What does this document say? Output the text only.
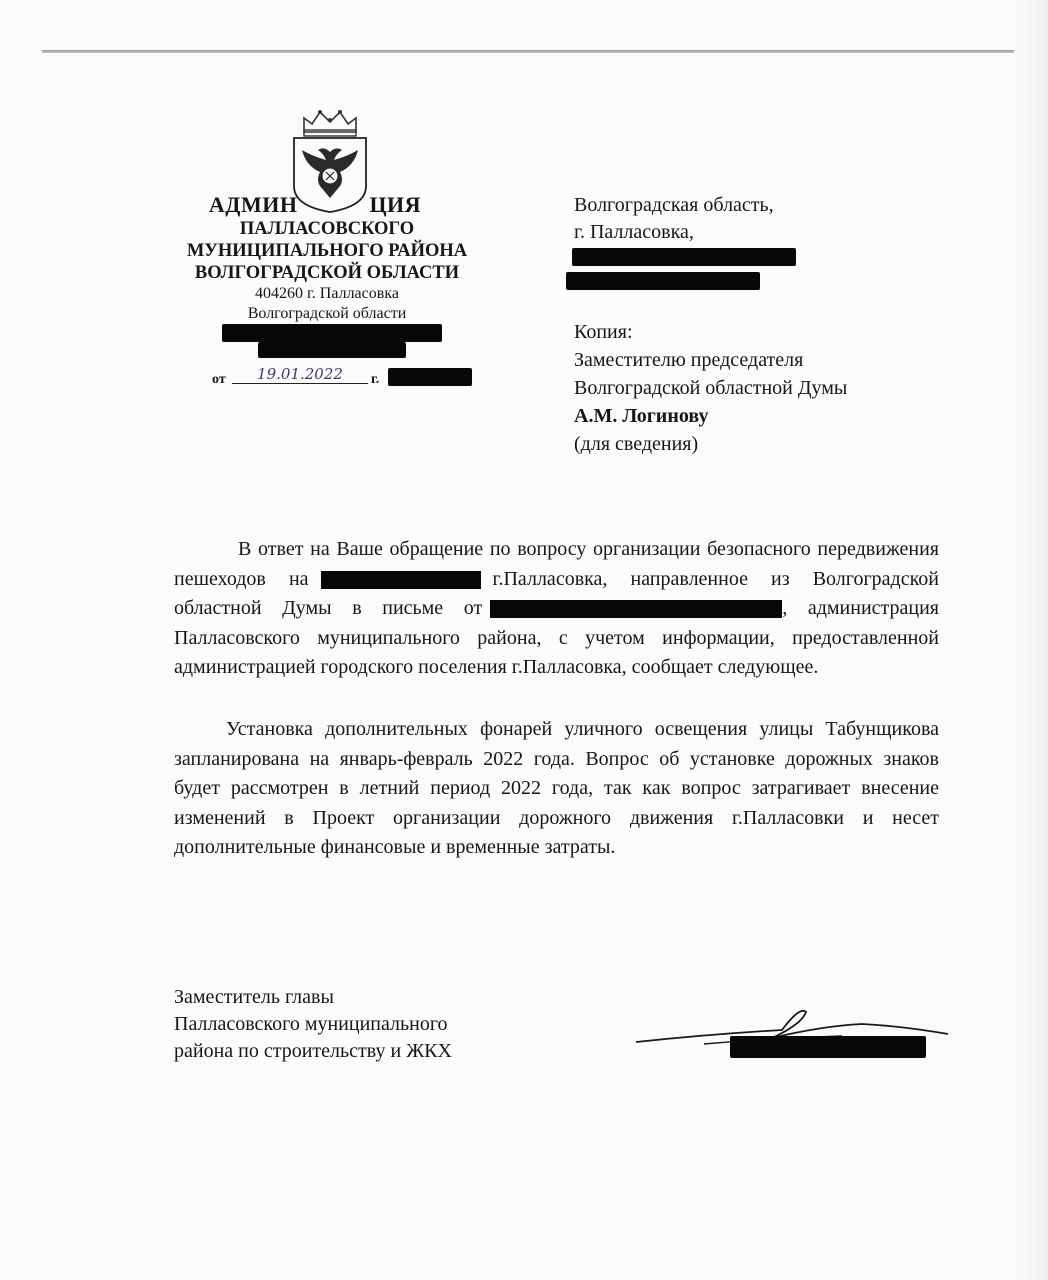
АДМИН	ЦИЯ
ПАЛЛАСОВСКОГО
МУНИЦИПАЛЬНОГО РАЙОНА
ВОЛГОГРАДСКОЙ ОБЛАСТИ
404260 г. Палласовка
Волгоградской области
от	19.01.2022	г.
Волгоградская область,
г. Палласовка,
Копия:
Заместителю председателя
Волгоградской областной Думы
А.М. Логинову
(для сведения)

В ответ на Ваше обращение по вопросу организации безопасного передвижения пешеходов на	г.Палласовка, направленное из Волгоградской областной Думы в письме от	, администрация Палласовского муниципального района, с учетом информации, предоставленной администрацией городского поселения г.Палласовка, сообщает следующее.

Установка дополнительных фонарей уличного освещения улицы Табунщикова запланирована на январь-февраль 2022 года. Вопрос об установке дорожных знаков будет рассмотрен в летний период 2022 года, так как вопрос затрагивает внесение изменений в Проект организации дорожного движения г.Палласовки и несет дополнительные финансовые и временные затраты.

Заместитель главы
Палласовского муниципального
района по строительству и ЖКХ
